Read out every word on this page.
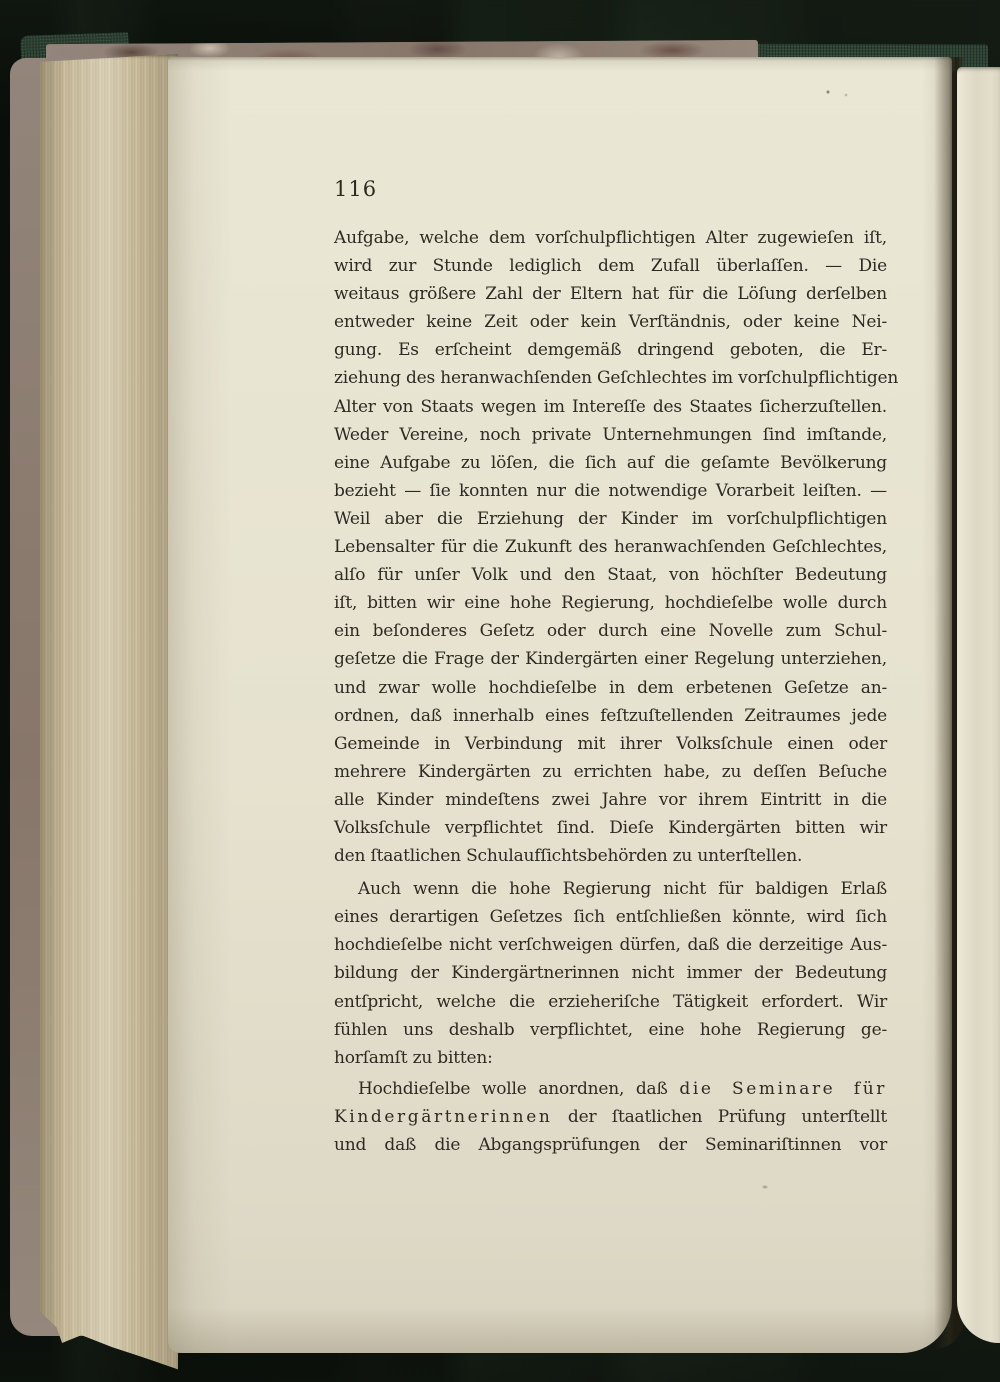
116
Aufgabe, welche dem vorſchulpflichtigen Alter zugewieſen iſt,
wird zur Stunde lediglich dem Zufall überlaſſen. — Die
weitaus größere Zahl der Eltern hat für die Löſung derſelben
entweder keine Zeit oder kein Verſtändnis, oder keine Nei-
gung. Es erſcheint demgemäß dringend geboten, die Er-
ziehung des heranwachſenden Geſchlechtes im vorſchulpflichtigen
Alter von Staats wegen im Intereſſe des Staates ſicherzuſtellen.
Weder Vereine, noch private Unternehmungen ſind imſtande,
eine Aufgabe zu löſen, die ſich auf die geſamte Bevölkerung
bezieht — ſie konnten nur die notwendige Vorarbeit leiſten. —
Weil aber die Erziehung der Kinder im vorſchulpflichtigen
Lebensalter für die Zukunft des heranwachſenden Geſchlechtes,
alſo für unſer Volk und den Staat, von höchſter Bedeutung
iſt, bitten wir eine hohe Regierung, hochdieſelbe wolle durch
ein beſonderes Geſetz oder durch eine Novelle zum Schul-
geſetze die Frage der Kindergärten einer Regelung unterziehen,
und zwar wolle hochdieſelbe in dem erbetenen Geſetze an-
ordnen, daß innerhalb eines feſtzuſtellenden Zeitraumes jede
Gemeinde in Verbindung mit ihrer Volksſchule einen oder
mehrere Kindergärten zu errichten habe, zu deſſen Beſuche
alle Kinder mindeſtens zwei Jahre vor ihrem Eintritt in die
Volksſchule verpflichtet ſind. Dieſe Kindergärten bitten wir
den ſtaatlichen Schulaufſichtsbehörden zu unterſtellen.
Auch wenn die hohe Regierung nicht für baldigen Erlaß
eines derartigen Geſetzes ſich entſchließen könnte, wird ſich
hochdieſelbe nicht verſchweigen dürfen, daß die derzeitige Aus-
bildung der Kindergärtnerinnen nicht immer der Bedeutung
entſpricht, welche die erzieheriſche Tätigkeit erfordert. Wir
fühlen uns deshalb verpflichtet, eine hohe Regierung ge-
horſamſt zu bitten:
Hochdieſelbe wolle anordnen, daß die Seminare für
Kindergärtnerinnen der ſtaatlichen Prüfung unterſtellt
und daß die Abgangsprüfungen der Seminariſtinnen vor
